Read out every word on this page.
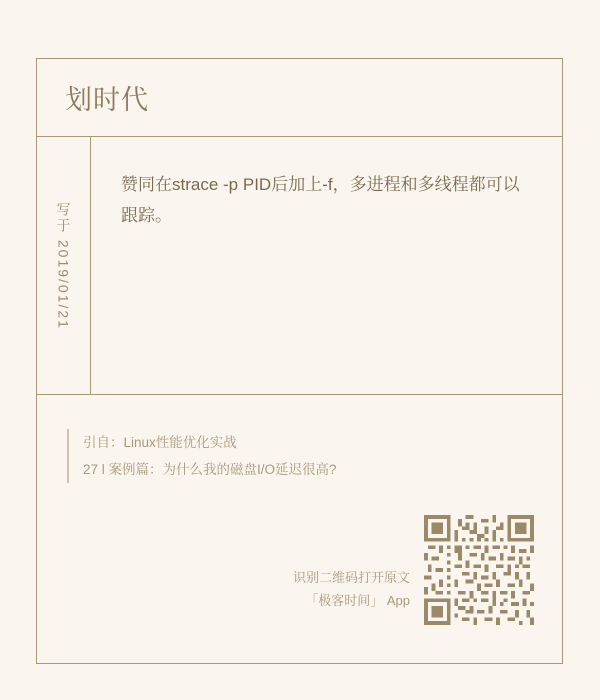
划时代
写于 2019/01/21
赞同在strace -p PID后加上-f，多进程和多线程都可以跟踪。
引自：Linux性能优化实战
27 l 案例篇：为什么我的磁盘I/O延迟很高?
识别二维码打开原文
「极客时间」 App
